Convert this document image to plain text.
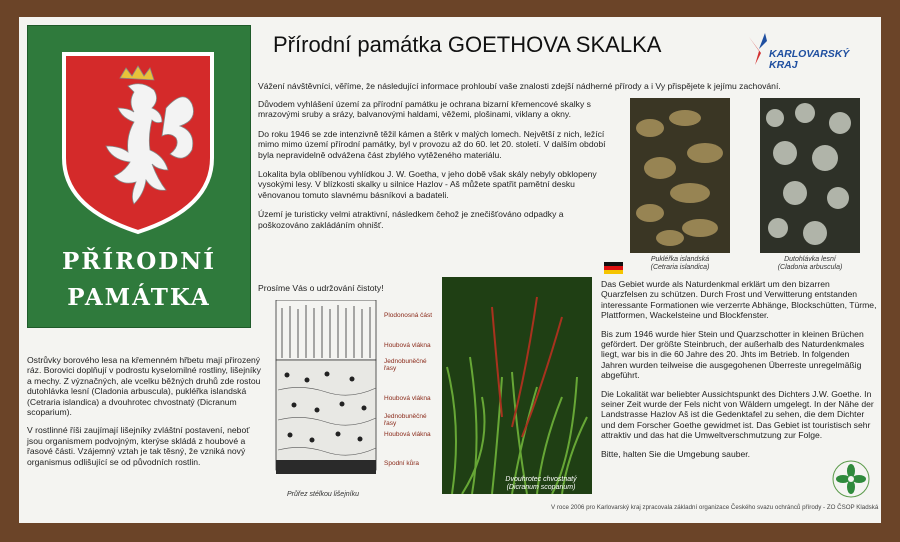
PŘÍRODNÍ
PAMÁTKA
Přírodní památka GOETHOVA SKALKA	KARLOVARSKÝ
KRAJ
Vážení návštěvníci, věříme, že následující informace prohloubí vaše znalosti zdejší nádherné přírody a i Vy přispějete k jejímu zachování.

Důvodem vyhlášení území za přírodní památku je ochrana bizarní křemencové skalky s mrazovými sruby a srázy, balvanovými haldami, věžemi, plošinami, viklany a okny.

Do roku 1946 se zde intenzivně těžil kámen a štěrk v malých lomech. Největší z nich, ležící mimo mimo území přírodní památky, byl v provozu až do 60. let 20. století. V dalším období byla nepravidelně odvážena část zbylého vytěženého materiálu.

Lokalita byla oblíbenou vyhlídkou J. W. Goetha, v jeho době však skály nebyly obklopeny vysokými lesy. V blízkosti skalky u silnice Hazlov - Aš můžete spatřit pamětní desku věnovanou tomuto slavnému básníkovi a badateli.

Území je turisticky velmi atraktivní, následkem čehož je znečišťováno odpadky a poškozováno zakládáním ohnišť.

Prosíme Vás o udržování čistoty!

Ostrůvky borového lesa na křemenném hřbetu mají přirozený ráz. Borovici doplňují v podrostu kyselomilné rostliny, lišejníky a mechy. Z význačných, ale vcelku běžných druhů zde rostou dutohlávka lesní (Cladonia arbuscula), pukléřka islandská (Cetraria islandica) a dvouhrotec chvostnatý (Dicranum scoparium).

V rostlinné říši zaujímají lišejníky zvláštní postavení, neboť jsou organismem podvojným, kterýse skládá z houbové a řasové části. Vzájemný vztah je tak těsný, že vzniká nový organismus odlišující se od původních rostlin.

Pukléřka islandská
(Cetraria islandica)
Dutohlávka lesní
(Cladonia arbuscula)

Das Gebiet wurde als Naturdenkmal erklärt um den bizarren Quarzfelsen zu schützen. Durch Frost und Verwitterung entstanden interessante Formationen wie verzerrte Abhänge, Blockschütten, Türme, Plattformen, Wackelsteine und Blockfenster.

Bis zum 1946 wurde hier Stein und Quarzschotter in kleinen Brüchen gefördert. Der größte Steinbruch, der außerhalb des Naturdenkmales liegt, war bis in die 60 Jahre des 20. Jhts im Betrieb. In folgenden Jahren wurden teilweise die ausgegohenen Überreste unregelmäßig abgeführt.

Die Lokalität war beliebter Aussichtspunkt des Dichters J.W. Goethe. In seiner Zeit wurde der Fels nicht von Wäldern umgelegt. In der Nähe der Landstrasse Hazlov Aš ist die Gedenktafel zu sehen, die dem Dichter und dem Forscher Goethe gewidmet ist. Das Gebiet ist touristisch sehr attraktiv und das hat die Umweltverschmutzung zur Folge.

Bitte, halten Sie die Umgebung sauber.

Dvouhrotec chvostnatý
(Dicranum scoparium)
Plodonosná část
Houbová vlákna
Jednobuněčné řasy
Houbová vlákna
Jednobuněčné řasy
Houbová vlákna
Spodní kůra
Průřez stélkou lišejníku
V roce 2006 pro Karlovarský kraj zpracovala základní organizace Českého svazu ochránců přírody - ZO ČSOP Kladská
